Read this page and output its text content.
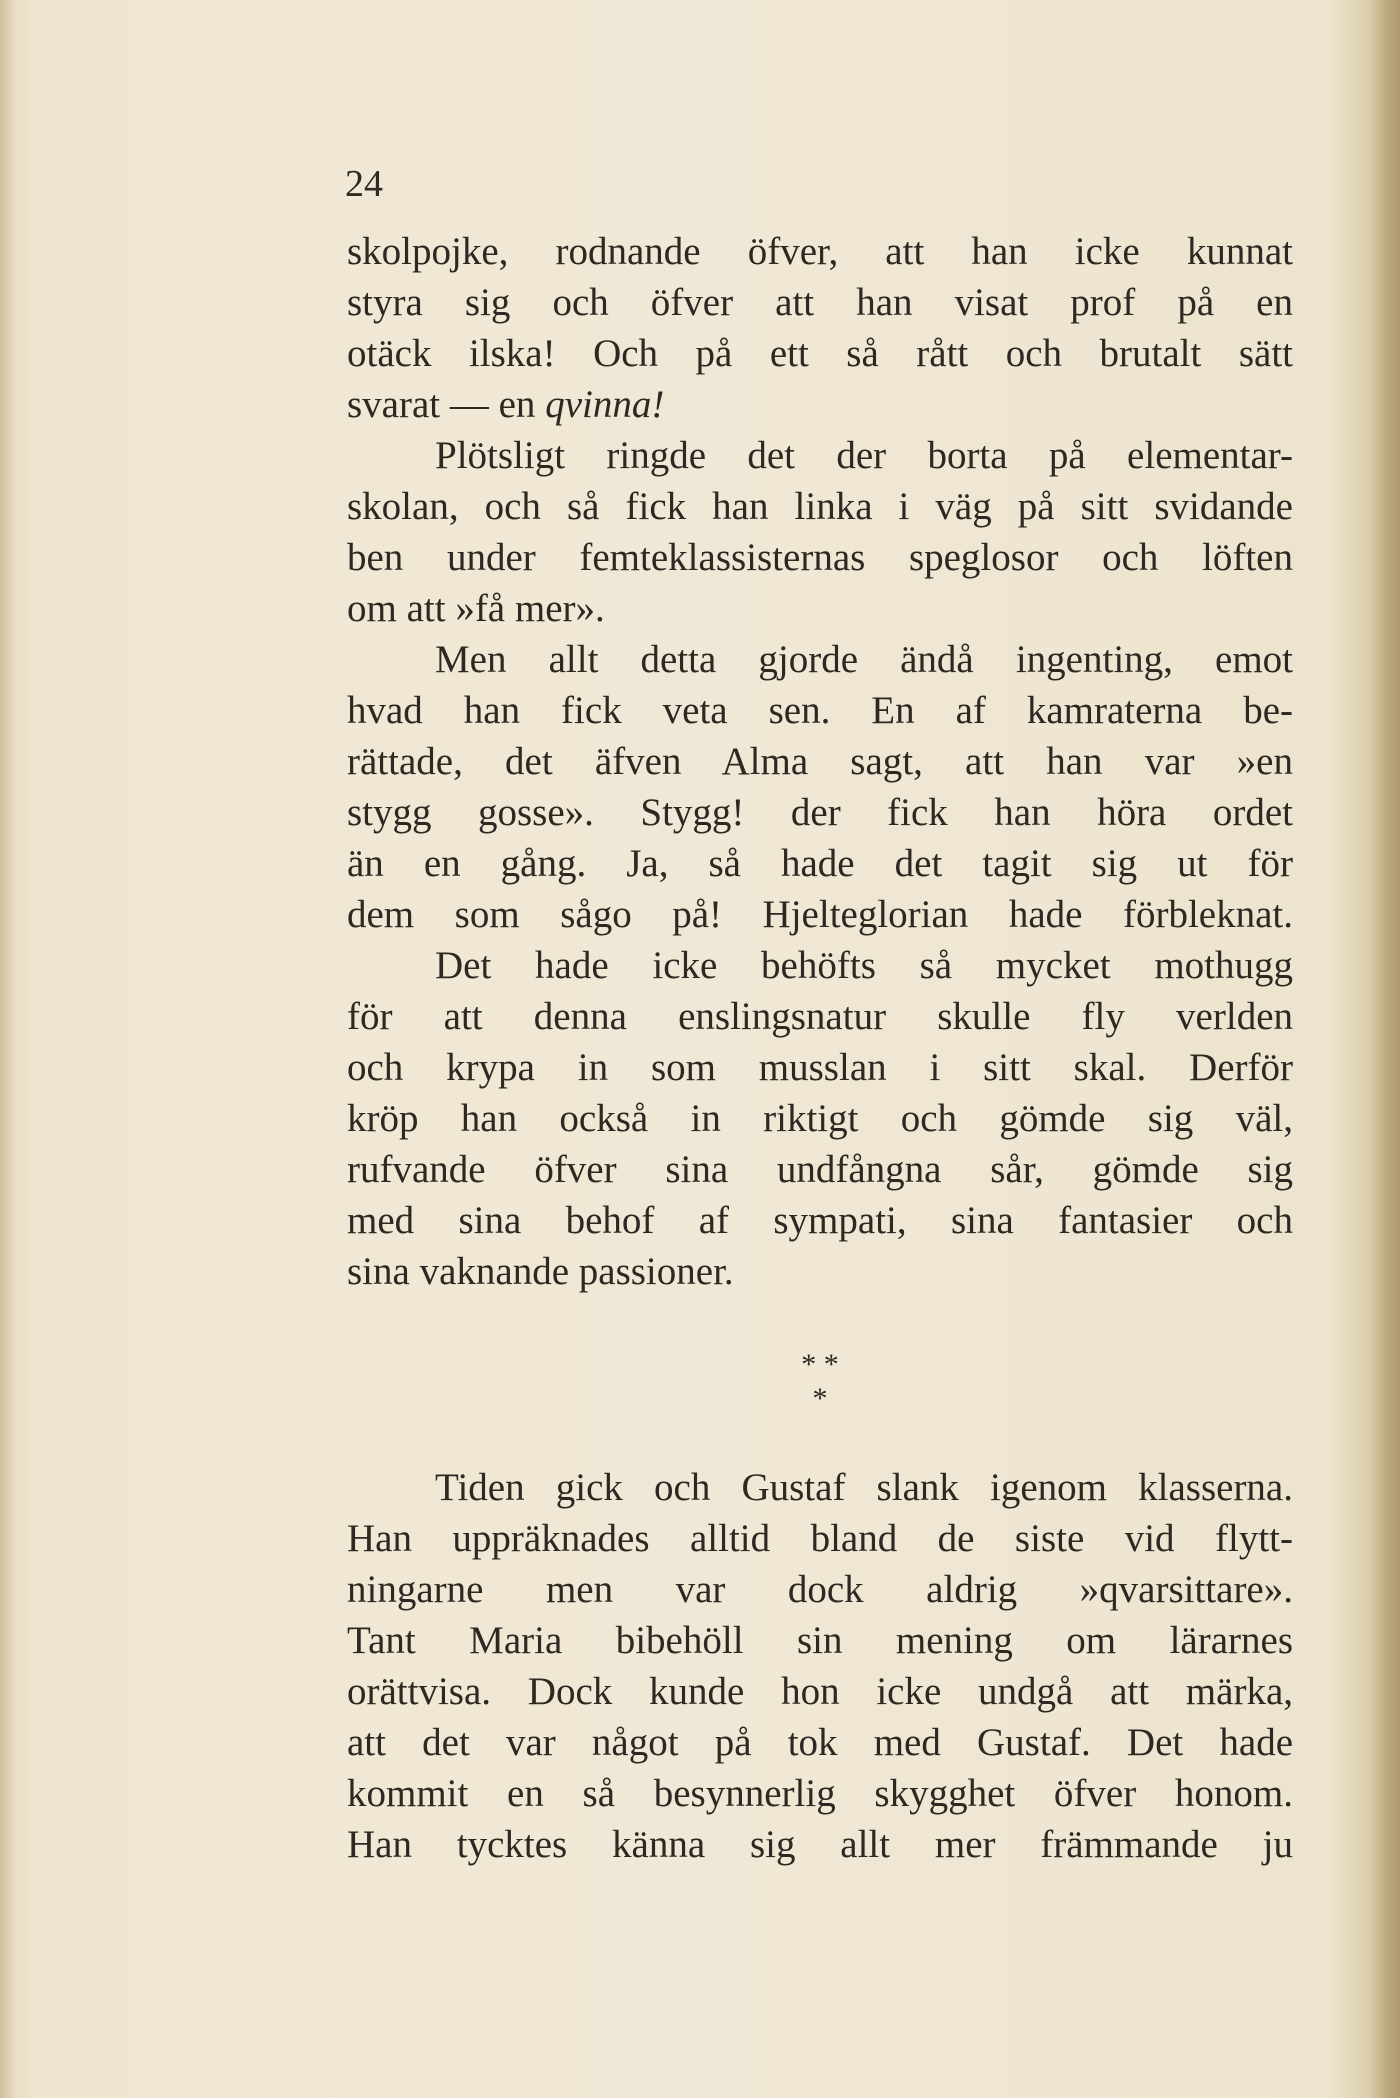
24
skolpojke, rodnande öfver, att han icke kunnat
styra sig och öfver att han visat prof på en
otäck ilska! Och på ett så rått och brutalt sätt
svarat — en qvinna!
Plötsligt ringde det der borta på elementar-
skolan, och så fick han linka i väg på sitt svidande
ben under femteklassisternas speglosor och löften
om att »få mer».
Men allt detta gjorde ändå ingenting, emot
hvad han fick veta sen. En af kamraterna be-
rättade, det äfven Alma sagt, att han var »en
stygg gosse». Stygg! der fick han höra ordet
än en gång. Ja, så hade det tagit sig ut för
dem som sågo på! Hjelteglorian hade förbleknat.
Det hade icke behöfts så mycket mothugg
för att denna enslingsnatur skulle fly verlden
och krypa in som musslan i sitt skal. Derför
kröp han också in riktigt och gömde sig väl,
rufvande öfver sina undfångna sår, gömde sig
med sina behof af sympati, sina fantasier och
sina vaknande passioner.
* *
*
Tiden gick och Gustaf slank igenom klasserna.
Han uppräknades alltid bland de siste vid flytt-
ningarne men var dock aldrig »qvarsittare».
Tant Maria bibehöll sin mening om lärarnes
orättvisa. Dock kunde hon icke undgå att märka,
att det var något på tok med Gustaf. Det hade
kommit en så besynnerlig skygghet öfver honom.
Han tycktes känna sig allt mer främmande ju
